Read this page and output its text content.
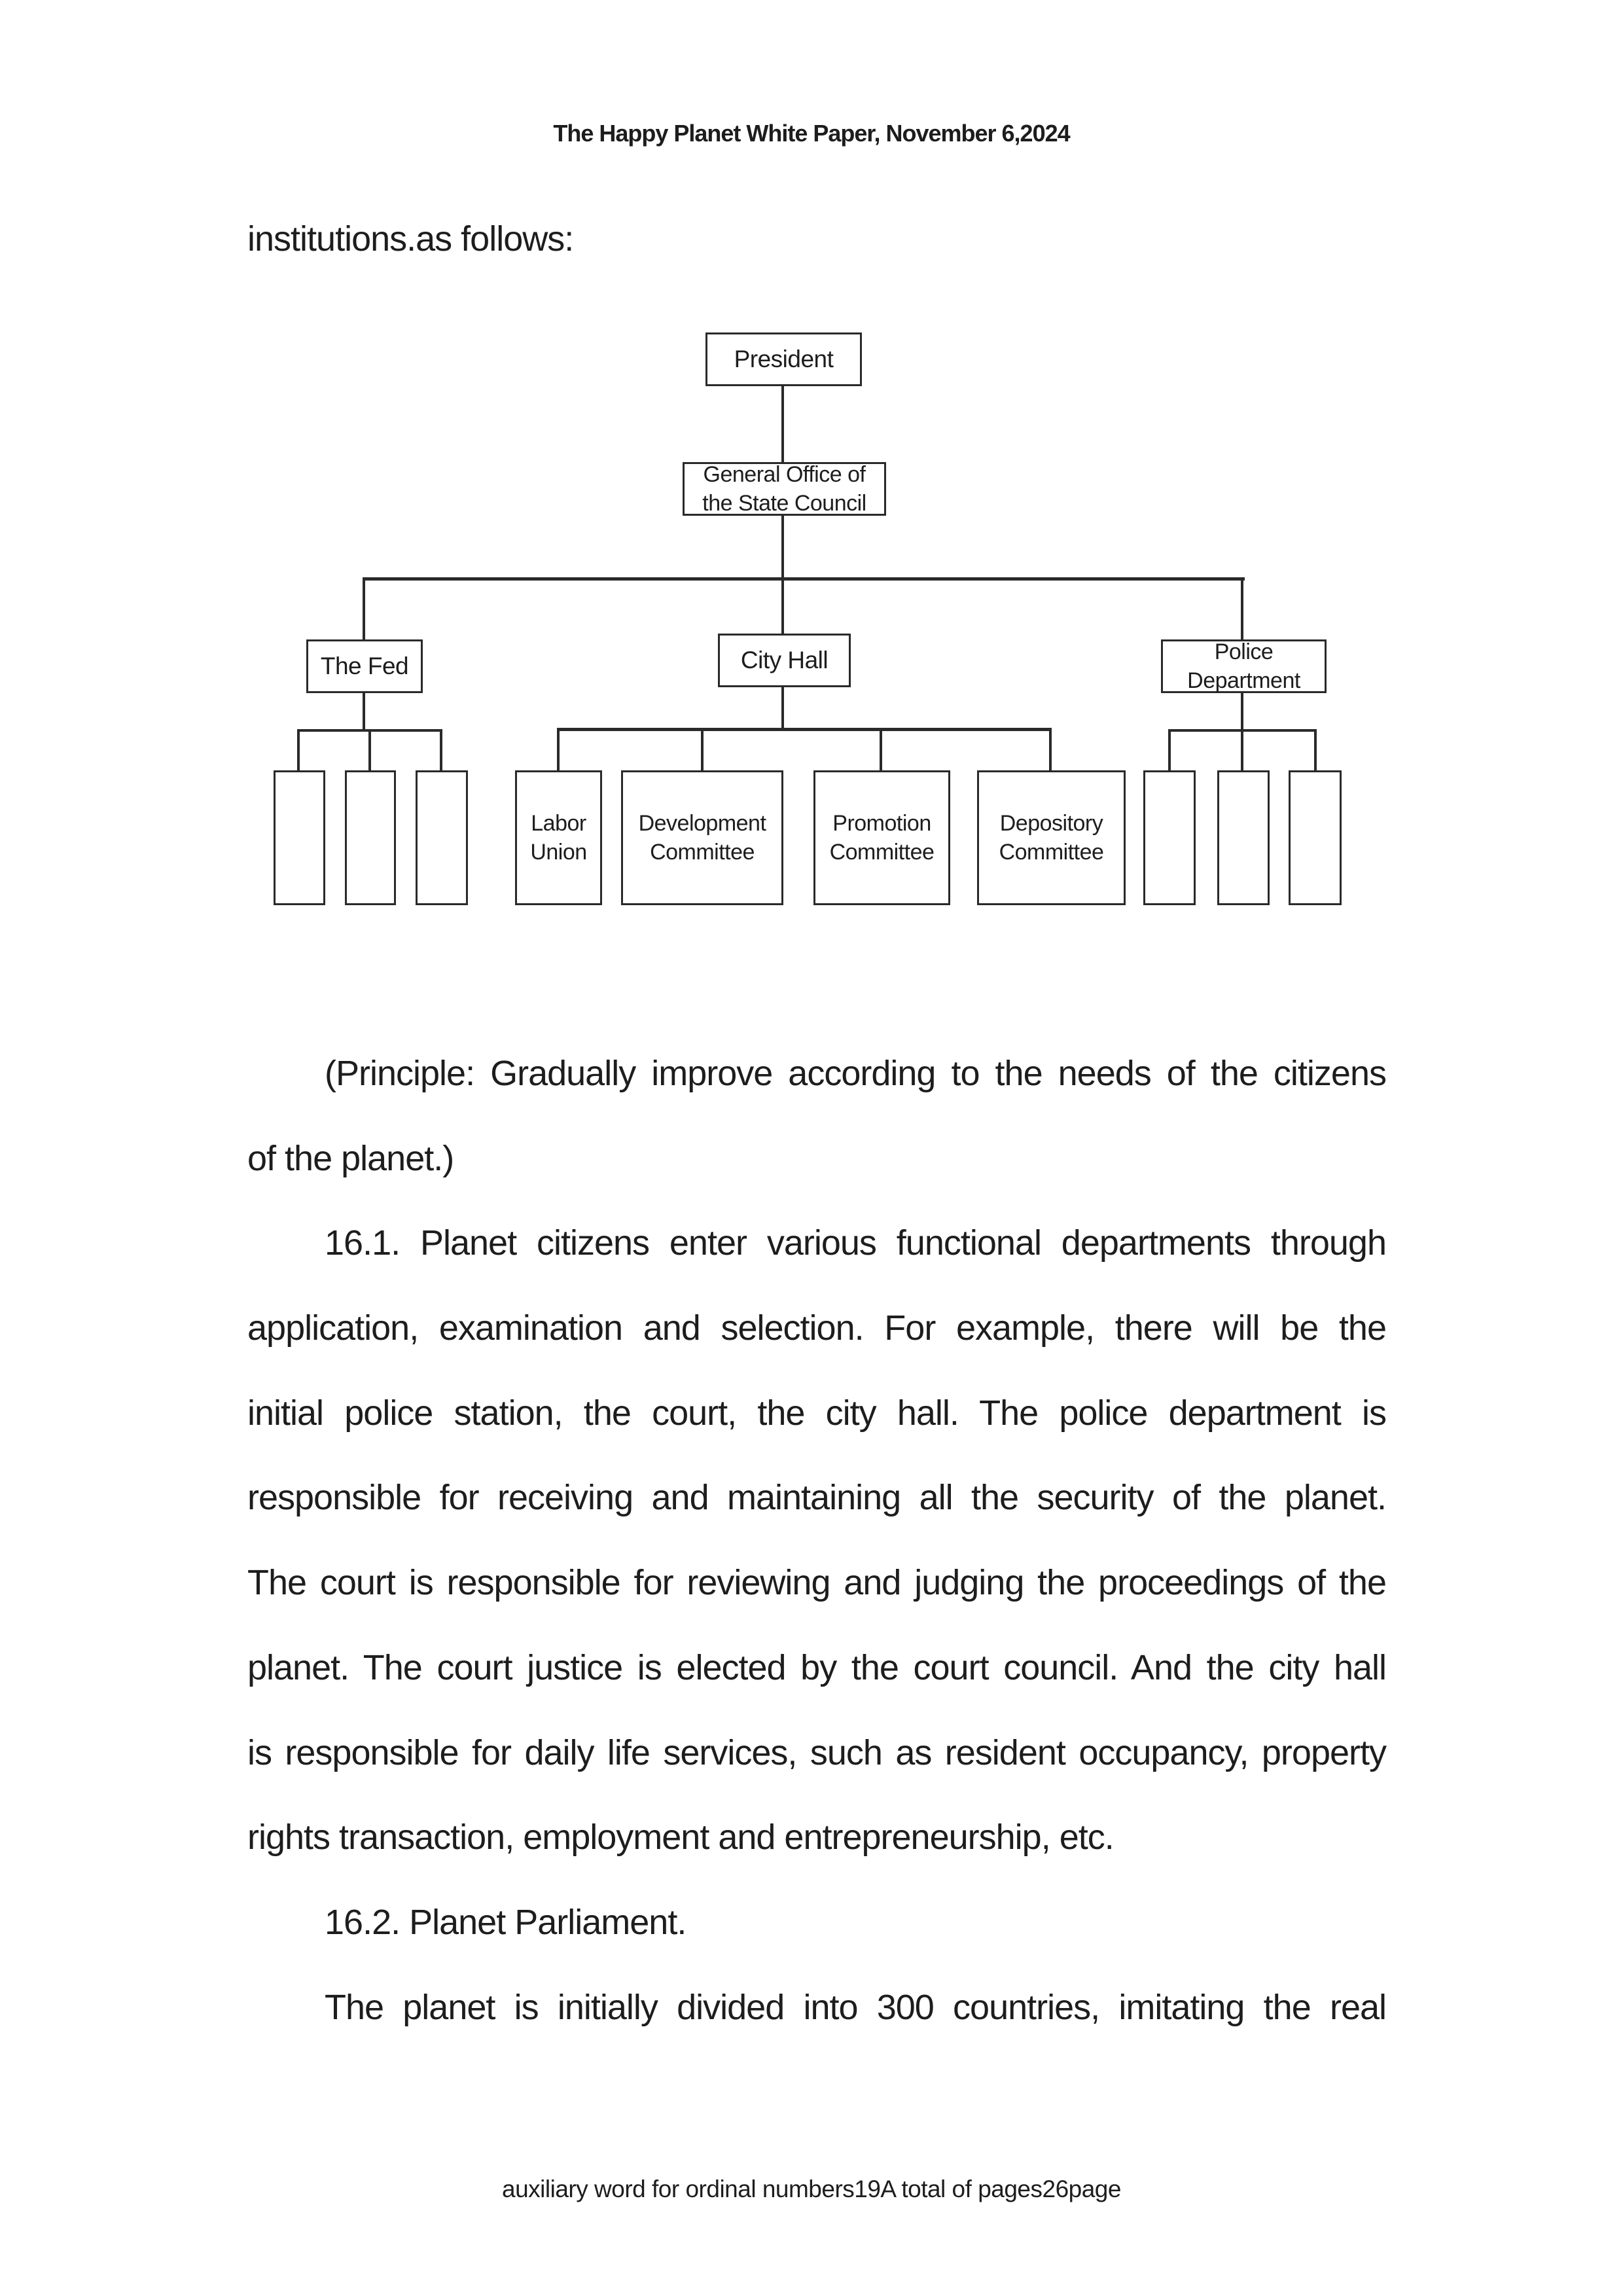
The Happy Planet White Paper, November 6,2024
institutions.as follows:
President
General Office of
the State Council
The Fed	City Hall	Police
Department
Labor
Union
Development
Committee
Promotion
Committee
Depository
Committee
(Principle: Gradually improve according to the needs of the citizens
of the planet.)
16.1. Planet citizens enter various functional departments through
application, examination and selection. For example, there will be the
initial police station, the court, the city hall. The police department is
responsible for receiving and maintaining all the security of the planet.
The court is responsible for reviewing and judging the proceedings of the
planet. The court justice is elected by the court council. And the city hall
is responsible for daily life services, such as resident occupancy, property
rights transaction, employment and entrepreneurship, etc.
16.2. Planet Parliament.
The planet is initially divided into 300 countries, imitating the real
auxiliary word for ordinal numbers19A total of pages26page
